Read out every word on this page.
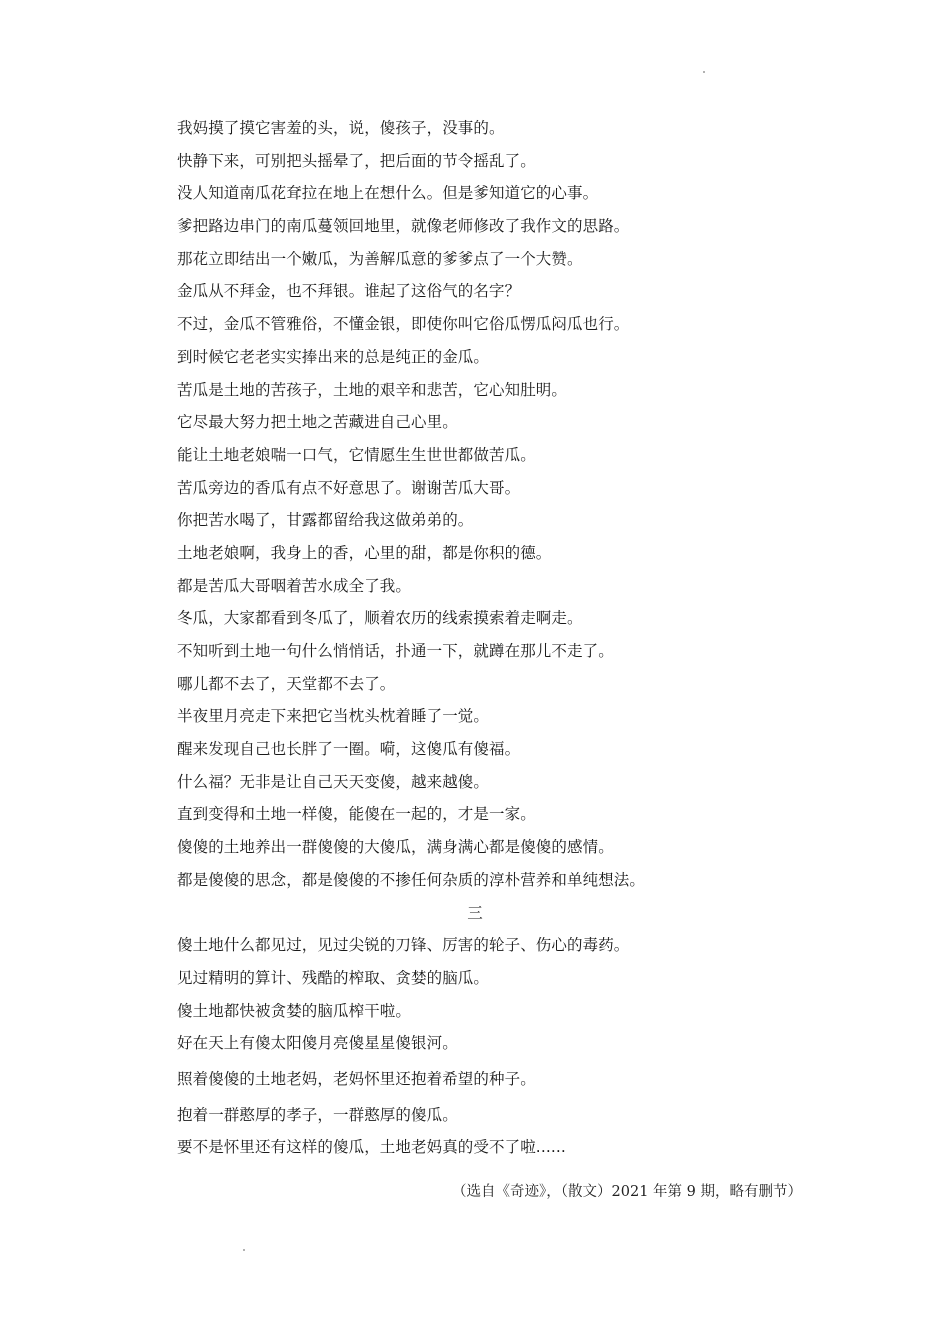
我妈摸了摸它害羞的头，说，傻孩子，没事的。
快静下来，可别把头摇晕了，把后面的节令摇乱了。
没人知道南瓜花耷拉在地上在想什么。但是爹知道它的心事。
爹把路边串门的南瓜蔓领回地里，就像老师修改了我作文的思路。
那花立即结出一个嫩瓜，为善解瓜意的爹爹点了一个大赞。
金瓜从不拜金，也不拜银。谁起了这俗气的名字？
不过，金瓜不管雅俗，不懂金银，即使你叫它俗瓜愣瓜闷瓜也行。
到时候它老老实实捧出来的总是纯正的金瓜。
苦瓜是土地的苦孩子，土地的艰辛和悲苦，它心知肚明。
它尽最大努力把土地之苦藏进自己心里。
能让土地老娘喘一口气，它情愿生生世世都做苦瓜。
苦瓜旁边的香瓜有点不好意思了。谢谢苦瓜大哥。
你把苦水喝了，甘露都留给我这做弟弟的。
土地老娘啊，我身上的香，心里的甜，都是你积的德。
都是苦瓜大哥咽着苦水成全了我。
冬瓜，大家都看到冬瓜了，顺着农历的线索摸索着走啊走。
不知听到土地一句什么悄悄话，扑通一下，就蹲在那儿不走了。
哪儿都不去了，天堂都不去了。
半夜里月亮走下来把它当枕头枕着睡了一觉。
醒来发现自己也长胖了一圈。嗬，这傻瓜有傻福。
什么福？无非是让自己天天变傻，越来越傻。
直到变得和土地一样傻，能傻在一起的，才是一家。
傻傻的土地养出一群傻傻的大傻瓜，满身满心都是傻傻的感情。
都是傻傻的思念，都是傻傻的不掺任何杂质的淳朴营养和单纯想法。
三
傻土地什么都见过，见过尖锐的刀锋、厉害的轮子、伤心的毒药。
见过精明的算计、残酷的榨取、贪婪的脑瓜。
傻土地都快被贪婪的脑瓜榨干啦。
好在天上有傻太阳傻月亮傻星星傻银河。
照着傻傻的土地老妈，老妈怀里还抱着希望的种子。
抱着一群憨厚的孝子，一群憨厚的傻瓜。
要不是怀里还有这样的傻瓜，土地老妈真的受不了啦......
（选自《奇迹》，（散文）2021 年第 9 期，略有删节）
